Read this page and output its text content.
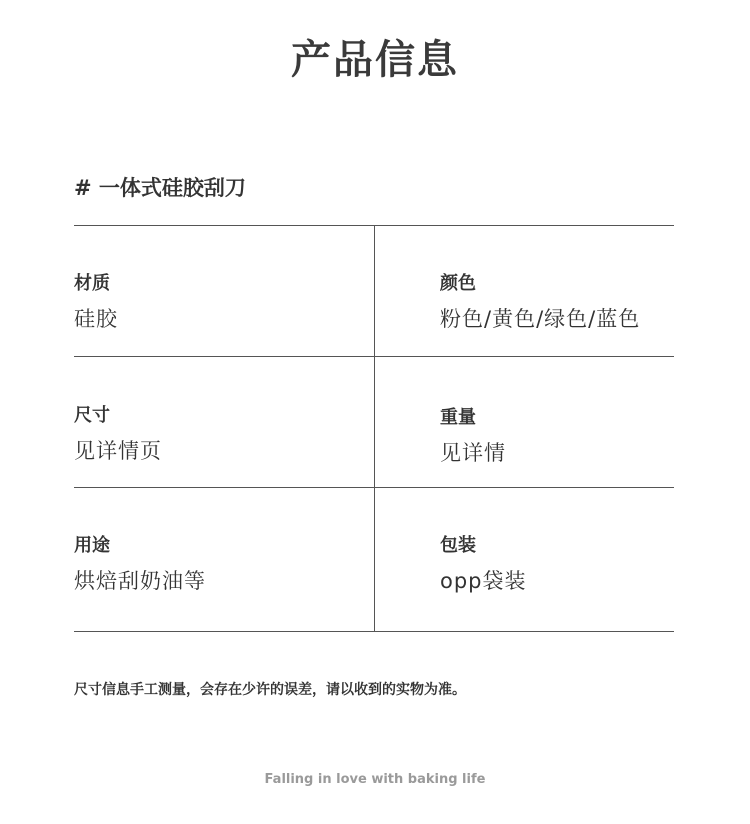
产品信息
# 一体式硅胶刮刀
材质
硅胶
颜色
粉色/黄色/绿色/蓝色
尺寸
见详情页
重量
见详情
用途
烘焙刮奶油等
包装
opp袋装
尺寸信息手工测量，会存在少许的误差，请以收到的实物为准。
Falling in love with baking life
